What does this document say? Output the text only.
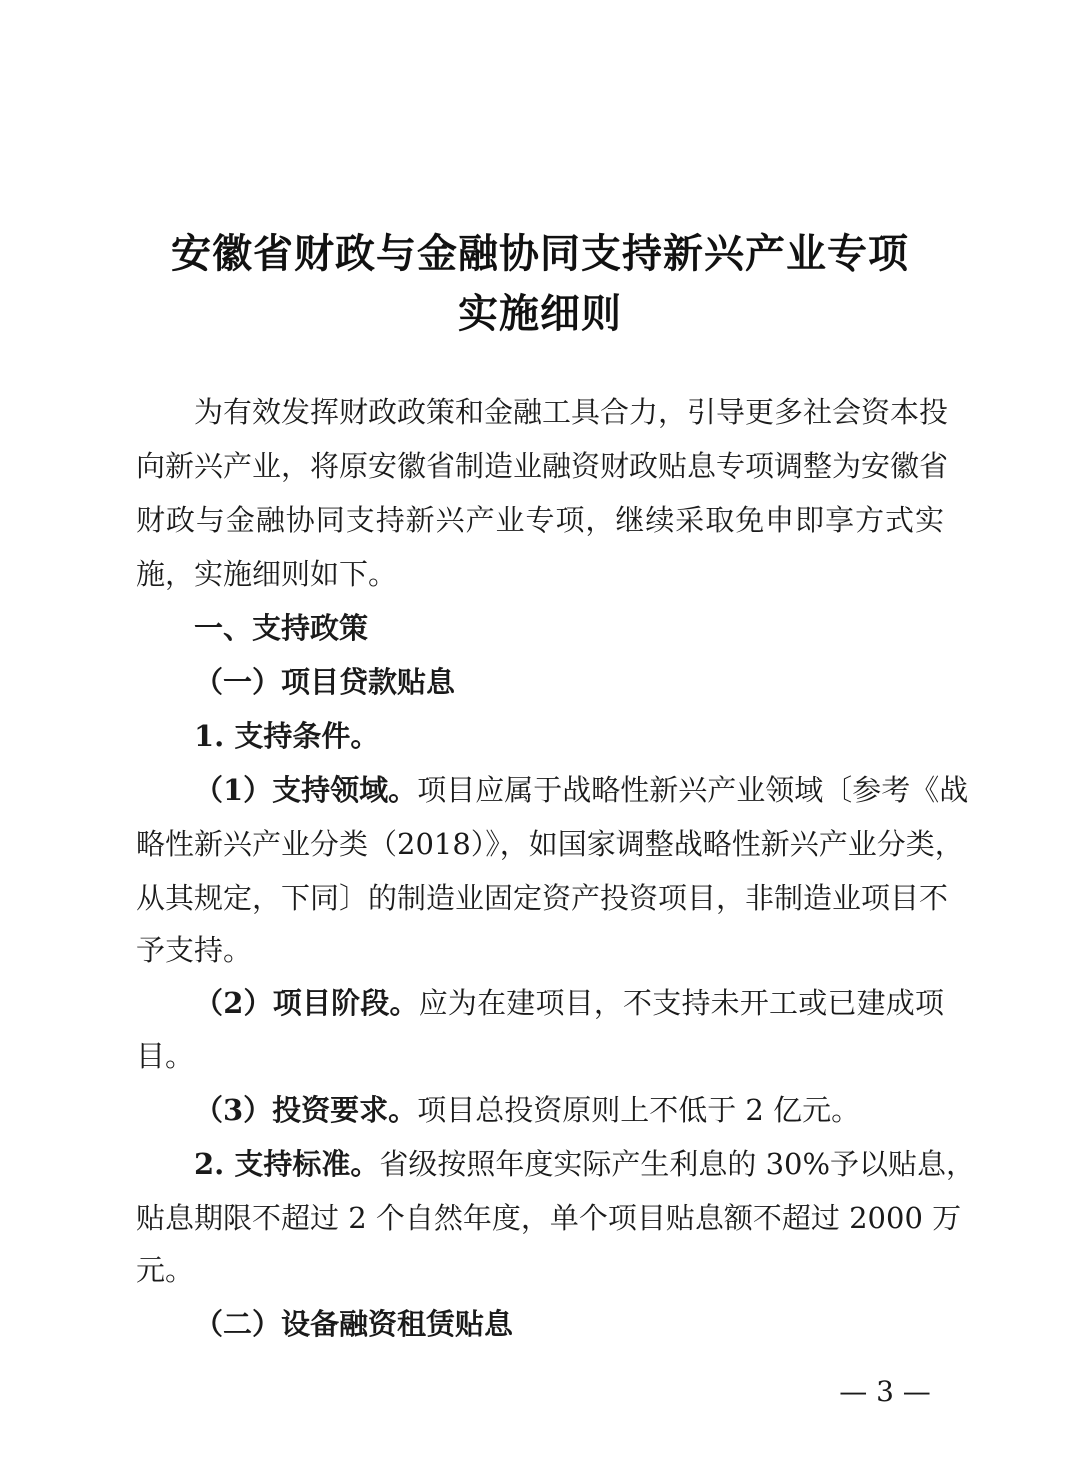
安徽省财政与金融协同支持新兴产业专项
实施细则
为有效发挥财政政策和金融工具合力，引导更多社会资本投
向新兴产业，将原安徽省制造业融资财政贴息专项调整为安徽省
财政与金融协同支持新兴产业专项，继续采取免申即享方式实
施，实施细则如下。
一、支持政策
（一）项目贷款贴息
1. 支持条件。
（1）支持领域。项目应属于战略性新兴产业领域〔参考《战
略性新兴产业分类（2018）》，如国家调整战略性新兴产业分类，
从其规定，下同〕的制造业固定资产投资项目，非制造业项目不
予支持。
（2）项目阶段。应为在建项目，不支持未开工或已建成项
目。
（3）投资要求。项目总投资原则上不低于 2 亿元。
2. 支持标准。省级按照年度实际产生利息的 30%予以贴息，
贴息期限不超过 2 个自然年度，单个项目贴息额不超过 2000 万
元。
（二）设备融资租赁贴息
— 3 —
